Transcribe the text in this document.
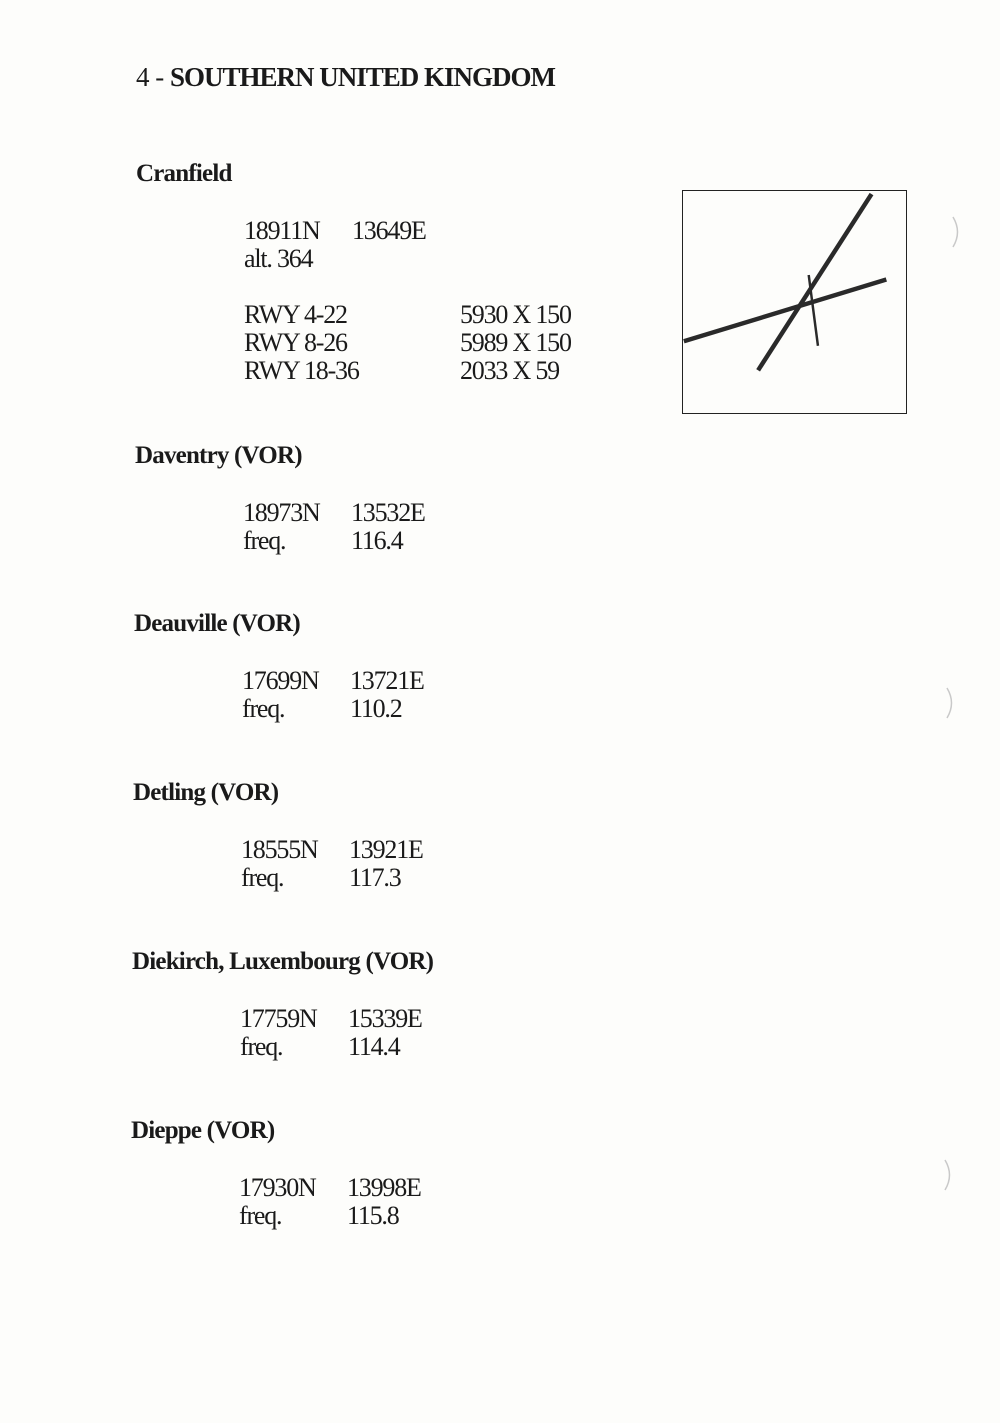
4 - SOUTHERN UNITED KINGDOM
Cranfield
18911N 13649E
alt. 364
RWY 4-22	5930 X 150
RWY 8-26	5989 X 150
RWY 18-36	2033 X 59
Daventry (VOR)
18973N 13532E
freq.	116.4
Deauville (VOR)
17699N 13721E
freq.	110.2
Detling (VOR)
18555N 13921E
freq.	117.3
Diekirch, Luxembourg (VOR)
17759N 15339E
freq.	114.4
Dieppe (VOR)
17930N 13998E
freq.	115.8
